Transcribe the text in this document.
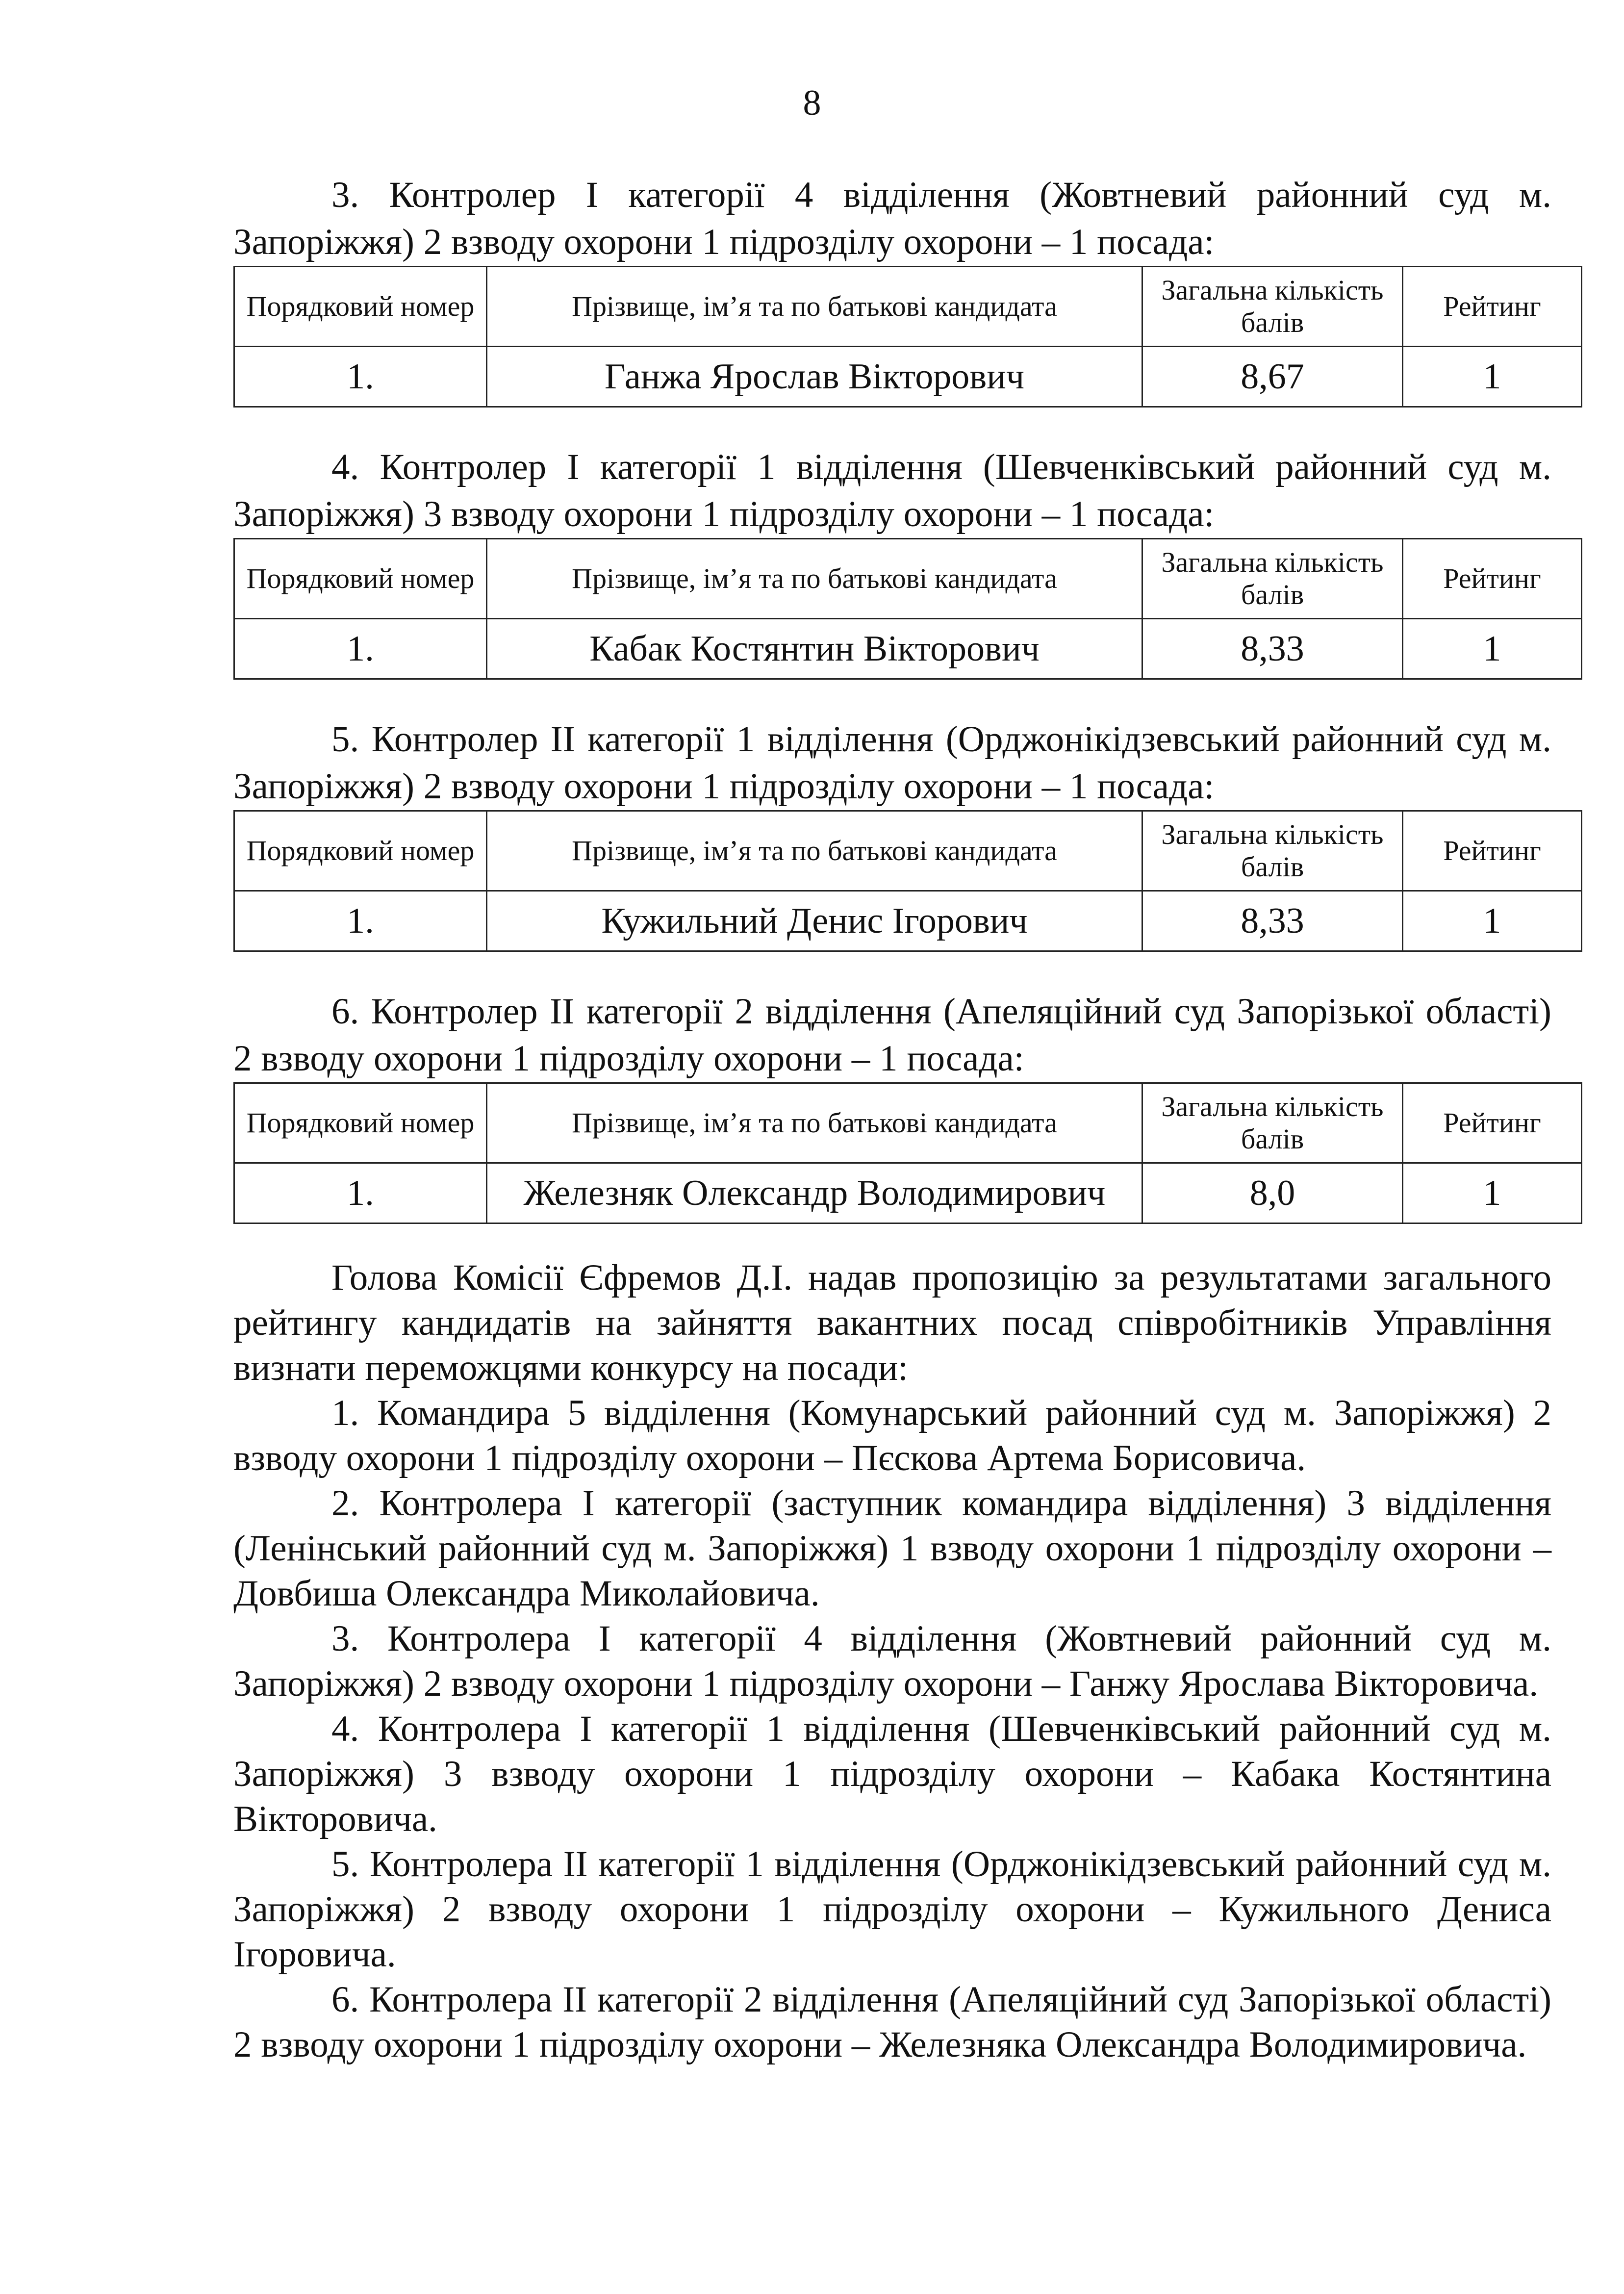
8
3. Контролер І категорії 4 відділення (Жовтневий районний суд м. Запоріжжя) 2 взводу охорони 1 підрозділу охорони – 1 посада:
Порядковий номер	Прізвище, ім’я та по батькові кандидата	Загальна кількість балів	Рейтинг
1.	Ганжа Ярослав Вікторович	8,67	1
4. Контролер І категорії 1 відділення (Шевченківський районний суд м. Запоріжжя) 3 взводу охорони 1 підрозділу охорони – 1 посада:
Порядковий номер	Прізвище, ім’я та по батькові кандидата	Загальна кількість балів	Рейтинг
1.	Кабак Костянтин Вікторович	8,33	1
5. Контролер ІІ категорії 1 відділення (Орджонікідзевський районний суд м. Запоріжжя) 2 взводу охорони 1 підрозділу охорони – 1 посада:
Порядковий номер	Прізвище, ім’я та по батькові кандидата	Загальна кількість балів	Рейтинг
1.	Кужильний Денис Ігорович	8,33	1
6. Контролер ІІ категорії 2 відділення (Апеляційний суд Запорізької області) 2 взводу охорони 1 підрозділу охорони – 1 посада:
Порядковий номер	Прізвище, ім’я та по батькові кандидата	Загальна кількість балів	Рейтинг
1.	Железняк Олександр Володимирович	8,0	1

Голова Комісії Єфремов Д.І. надав пропозицію за результатами загального рейтингу кандидатів на зайняття вакантних посад співробітників Управління визнати переможцями конкурсу на посади:

1. Командира 5 відділення (Комунарський районний суд м. Запоріжжя) 2 взводу охорони 1 підрозділу охорони – Пєскова Артема Борисовича.

2. Контролера І категорії (заступник командира відділення) 3 відділення (Ленінський районний суд м. Запоріжжя) 1 взводу охорони 1 підрозділу охорони – Довбиша Олександра Миколайовича.

3. Контролера І категорії 4 відділення (Жовтневий районний суд м. Запоріжжя) 2 взводу охорони 1 підрозділу охорони – Ганжу Ярослава Вікторовича.

4. Контролера І категорії 1 відділення (Шевченківський районний суд м. Запоріжжя) 3 взводу охорони 1 підрозділу охорони – Кабака Костянтина Вікторовича.

5. Контролера ІІ категорії 1 відділення (Орджонікідзевський районний суд м. Запоріжжя) 2 взводу охорони 1 підрозділу охорони – Кужильного Дениса Ігоровича.

6. Контролера ІІ категорії 2 відділення (Апеляційний суд Запорізької області) 2 взводу охорони 1 підрозділу охорони – Железняка Олександра Володимировича.
